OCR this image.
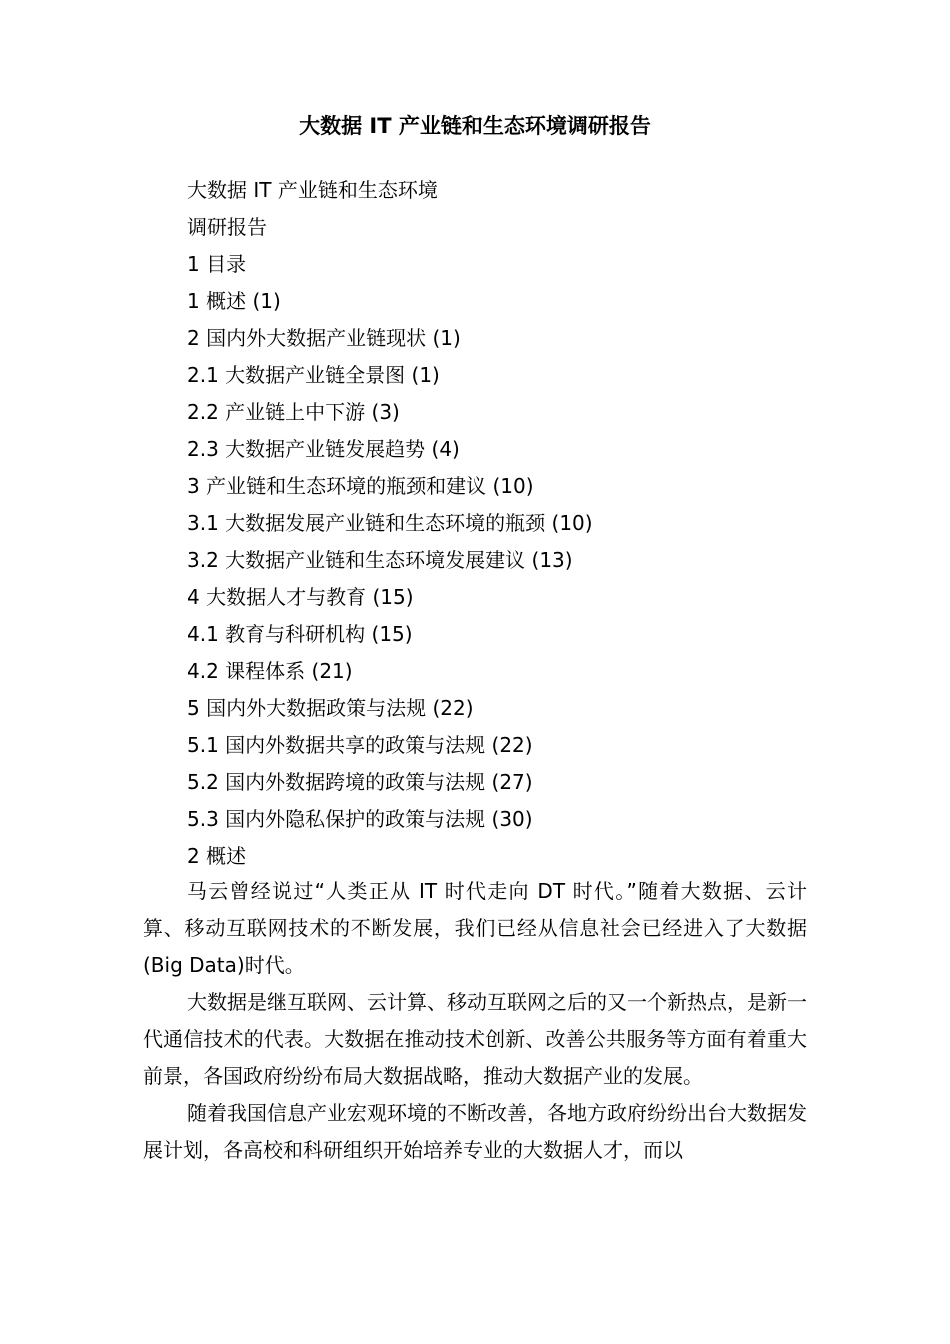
大数据 IT 产业链和生态环境调研报告
大数据 IT 产业链和生态环境
调研报告
1 目录
1 概述 (1)
2 国内外大数据产业链现状 (1)
2.1 大数据产业链全景图 (1)
2.2 产业链上中下游 (3)
2.3 大数据产业链发展趋势 (4)
3 产业链和生态环境的瓶颈和建议 (10)
3.1 大数据发展产业链和生态环境的瓶颈 (10)
3.2 大数据产业链和生态环境发展建议 (13)
4 大数据人才与教育 (15)
4.1 教育与科研机构 (15)
4.2 课程体系 (21)
5 国内外大数据政策与法规 (22)
5.1 国内外数据共享的政策与法规 (22)
5.2 国内外数据跨境的政策与法规 (27)
5.3 国内外隐私保护的政策与法规 (30)
2 概述

马云曾经说过“人类正从 IT 时代走向 DT 时代。”随着大数据、云计算、移动互联网技术的不断发展，我们已经从信息社会已经进入了大数据(Big Data)时代。

大数据是继互联网、云计算、移动互联网之后的又一个新热点，是新一代通信技术的代表。大数据在推动技术创新、改善公共服务等方面有着重大前景，各国政府纷纷布局大数据战略，推动大数据产业的发展。

随着我国信息产业宏观环境的不断改善，各地方政府纷纷出台大数据发展计划，各高校和科研组织开始培养专业的大数据人才，而以
